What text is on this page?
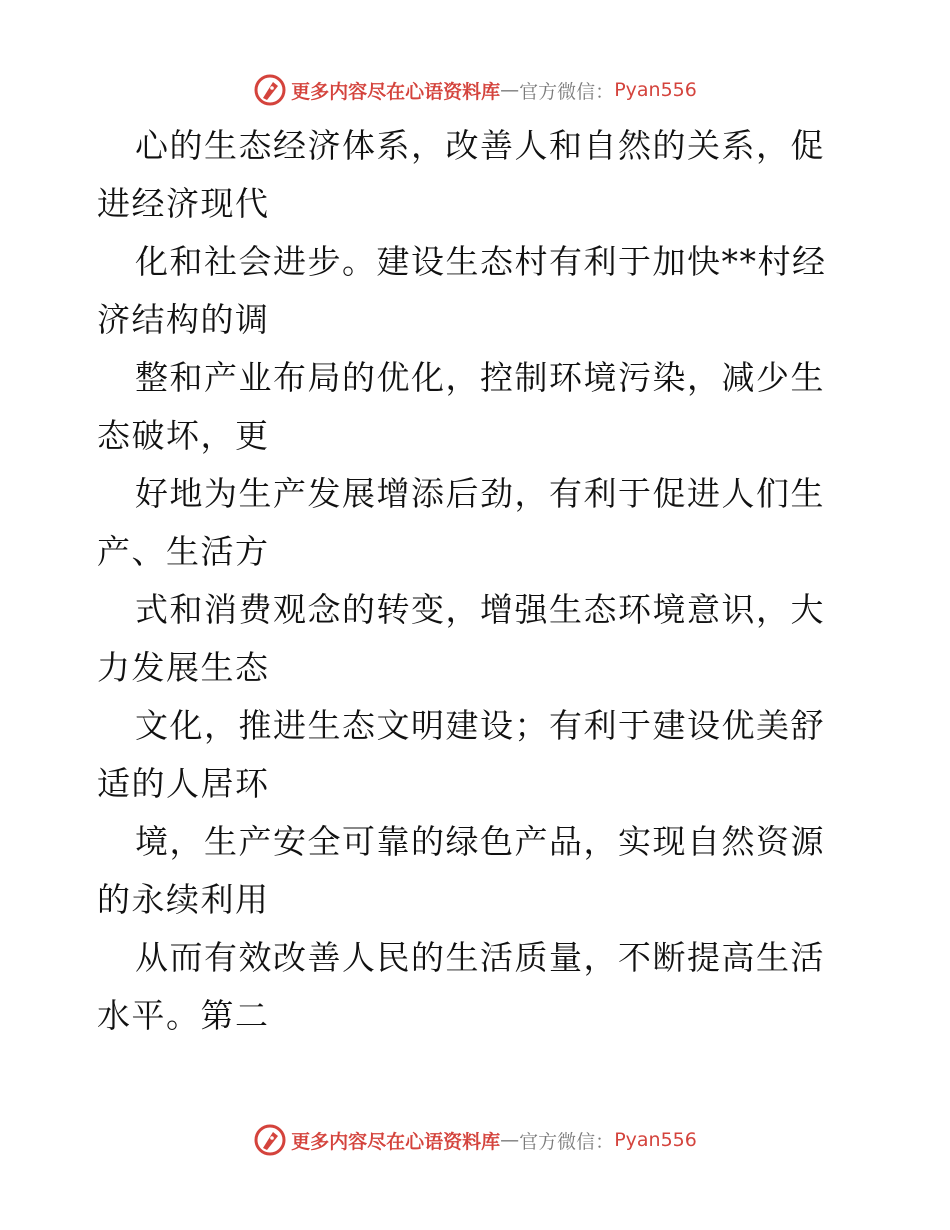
更多内容尽在心语资料库 — 官方微信： Pyan556

心的生态经济体系，改善人和自然的关系，促进经济现代

化和社会进步。建设生态村有利于加快**村经济结构的调

整和产业布局的优化，控制环境污染，减少生态破坏，更

好地为生产发展增添后劲，有利于促进人们生产、生活方

式和消费观念的转变，增强生态环境意识，大力发展生态

文化，推进生态文明建设；有利于建设优美舒适的人居环

境，生产安全可靠的绿色产品，实现自然资源的永续利用

从而有效改善人民的生活质量，不断提高生活水平。第二

更多内容尽在心语资料库 — 官方微信： Pyan556
